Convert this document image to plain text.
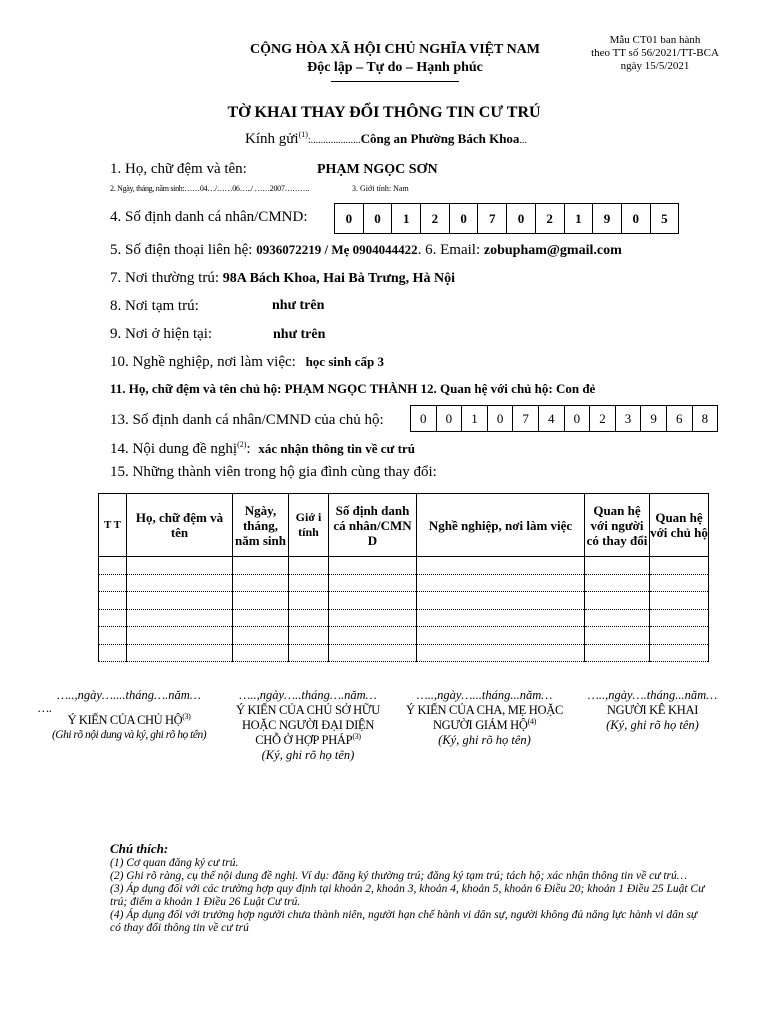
CỘNG HÒA XÃ HỘI CHỦ NGHĨA VIỆT NAM
Độc lập – Tự do – Hạnh phúc
Mẫu CT01 ban hành
theo TT số 56/2021/TT-BCA
ngày 15/5/2021
TỜ KHAI THAY ĐỔI THÔNG TIN CƯ TRÚ
Kính gửi$^{(1)}$:....................Công an Phường Bách Khoa...
1. Họ, chữ đệm và tên:	PHẠM NGỌC SƠN
2. Ngày, tháng, năm sinh:……04…/……06…../ ……2007……….	3. Giới tính: Nam
4. Số định danh cá nhân/CMND:	0	0	1	2	0	7	0	2	1	9	0	5
5. Số điện thoại liên hệ: 0936072219 / Mẹ 0904044422. 6. Email: zobupham@gmail.com
7. Nơi thường trú: 98A Bách Khoa, Hai Bà Trưng, Hà Nội
8. Nơi tạm trú:	như trên
9. Nơi ở hiện tại:	như trên
10. Nghề nghiệp, nơi làm việc: học sinh cấp 3
11. Họ, chữ đệm và tên chủ hộ: PHẠM NGỌC THÀNH 12. Quan hệ với chủ hộ: Con đẻ
13. Số định danh cá nhân/CMND của chủ hộ:	0	0	1	0	7	4	0	2	3	9	6	8
14. Nội dung đề nghị$^{(2)}$: xác nhận thông tin về cư trú
15. Những thành viên trong hộ gia đình cùng thay đổi:
T T	Họ, chữ đệm và tên	Ngày, tháng, năm sinh	Giớ i tính	Số định danh cá nhân/CMN D	Nghề nghiệp, nơi làm việc	Quan hệ với người có thay đổi	Quan hệ với chủ hộ

…..,ngày…....tháng….năm…
….
Ý KIẾN CỦA CHỦ HỘ$^{(3)}$
(Ghi rõ nội dung và ký, ghi rõ họ tên)
…..,ngày…..tháng….năm…
Ý KIẾN CỦA CHỦ SỞ HỮU HOẶC NGƯỜI ĐẠI DIỆN CHỖ Ở HỢP PHÁP$^{(3)}$
(Ký, ghi rõ họ tên)
…..,ngày…...tháng...năm…
Ý KIẾN CỦA CHA, MẸ HOẶC NGƯỜI GIÁM HỘ$^{(4)}$
(Ký, ghi rõ họ tên)
…..,ngày….tháng...năm…
NGƯỜI KÊ KHAI
(Ký, ghi rõ họ tên)
Chú thích:
(1) Cơ quan đăng ký cư trú.
(2) Ghi rõ ràng, cụ thể nội dung đề nghị. Ví dụ: đăng ký thường trú; đăng ký tạm trú; tách hộ; xác nhận thông tin về cư trú…
(3) Áp dụng đối với các trường hợp quy định tại khoản 2, khoản 3, khoản 4, khoản 5, khoản 6 Điều 20; khoản 1 Điều 25 Luật Cư trú; điểm a khoản 1 Điều 26 Luật Cư trú.
(4) Áp dụng đối với trường hợp người chưa thành niên, người hạn chế hành vi dân sự, người không đủ năng lực hành vi dân sự có thay đổi thông tin về cư trú
